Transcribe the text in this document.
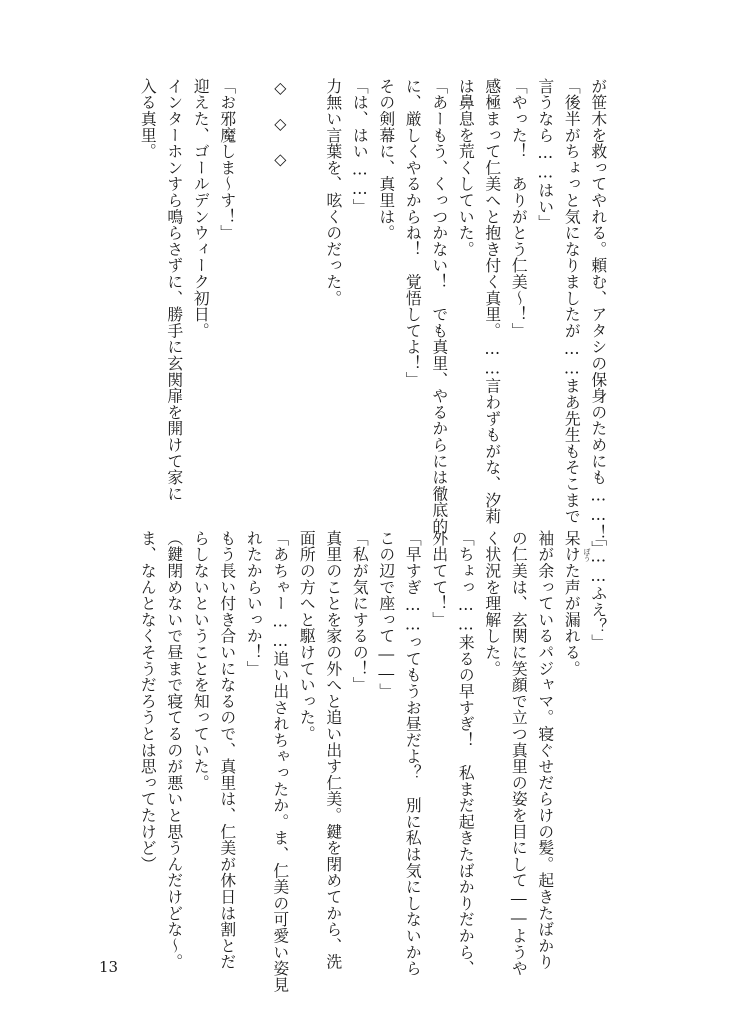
が笹木を救ってやれる。頼む、アタシの保身のためにも……！」
「後半がちょっと気になりましたが……まあ先生もそこまで
言うなら……はい」
「やった！　ありがとう仁美〜！」
感極まって仁美へと抱き付く真里。……言わずもがな、汐莉
は鼻息を荒くしていた。
「あーもう、くっつかない！　でも真里、やるからには徹底的
に、厳しくやるからね！　覚悟してよ！」
その剣幕に、真里は。
「は、はい……」
力無い言葉を、呟くのだった。
◇　◇　◇
「お邪魔しま〜す！」
迎えた、ゴールデンウィーク初日。
インターホンすら鳴らさずに、勝手に玄関扉を開けて家に
入る真里。
「……ふえ？」
呆けた声が漏れる。
袖が余っているパジャマ。寝ぐせだらけの髪。起きたばかり
の仁美は、玄関に笑顔で立つ真里の姿を目にして――ようや
く状況を理解した。
「ちょっ……来るの早すぎ！　私まだ起きたばかりだから、
外出てて！」
「早すぎ……ってもうお昼だよ？　別に私は気にしないから
この辺で座って――」
「私が気にするの！」
真里のことを家の外へと追い出す仁美。鍵を閉めてから、洗
面所の方へと駆けていった。
「あちゃー……追い出されちゃったか。ま、仁美の可愛い姿見
れたからいっか！」
もう長い付き合いになるので、真里は、仁美が休日は割とだ
らしないということを知っていた。
（鍵閉めないで昼まで寝てるのが悪いと思うんだけどな〜。
ま、なんとなくそうだろうとは思ってたけど）	ぼう
13
